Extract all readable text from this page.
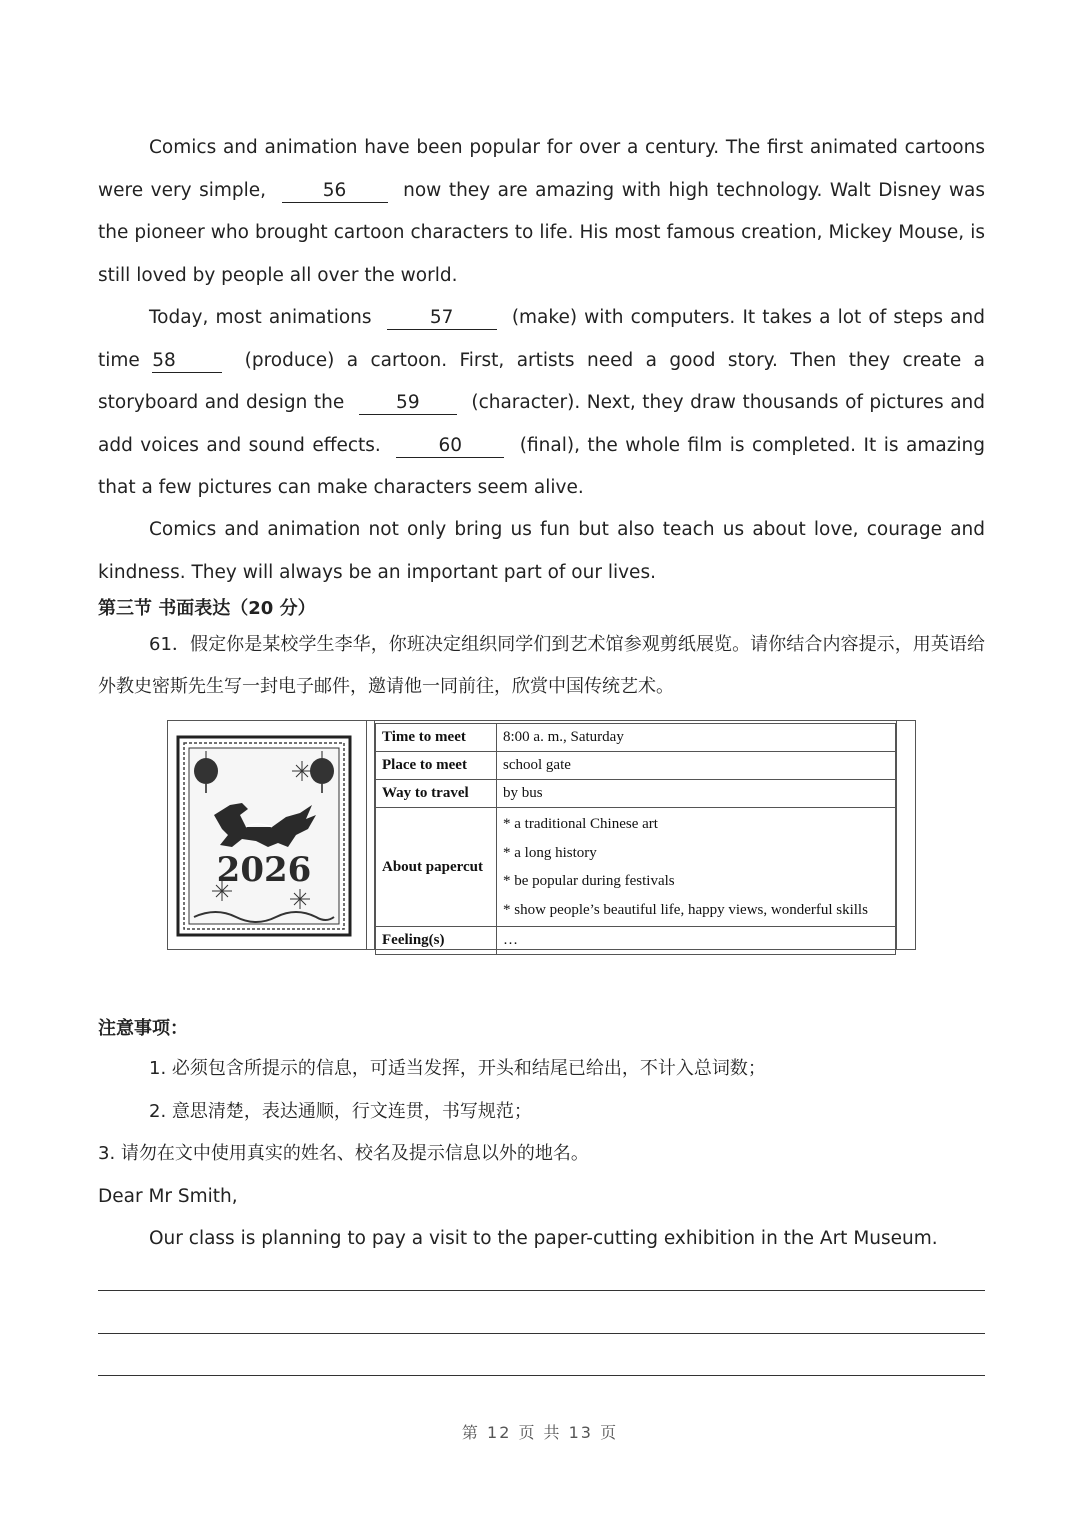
Comics and animation have been popular for over a century. The first animated cartoons were very simple,	56	now they are amazing with high technology. Walt Disney was the pioneer who brought cartoon characters to life. His most famous creation, Mickey Mouse, is still loved by people all over the world.

Today, most animations	57	(make) with computers. It takes a lot of steps and time 58	(produce) a cartoon. First, artists need a good story. Then they create a storyboard and design the	59	(character). Next, they draw thousands of pictures and add voices and sound effects.	60	(final), the whole film is completed. It is amazing that a few pictures can make characters seem alive.

Comics and animation not only bring us fun but also teach us about love, courage and kindness. They will always be an important part of our lives.

第三节 书面表达（20 分）

61．假定你是某校学生李华，你班决定组织同学们到艺术馆参观剪纸展览。请你结合内容提示，用英语给外教史密斯先生写一封电子邮件，邀请他一同前往，欣赏中国传统艺术。

2026
Time to meet	8:00 a. m., Saturday
Place to meet	school gate
Way to travel	by bus
About papercut	* a traditional Chinese art
* a long history
* be popular during festivals
* show people’s beautiful life, happy views, wonderful skills

Feeling(s)	…

注意事项：

1. 必须包含所提示的信息，可适当发挥，开头和结尾已给出，不计入总词数；

2. 意思清楚，表达通顺，行文连贯，书写规范；

3. 请勿在文中使用真实的姓名、校名及提示信息以外的地名。

Dear Mr Smith,

Our class is planning to pay a visit to the paper-cutting exhibition in the Art Museum.

第 12 页 共 13 页
